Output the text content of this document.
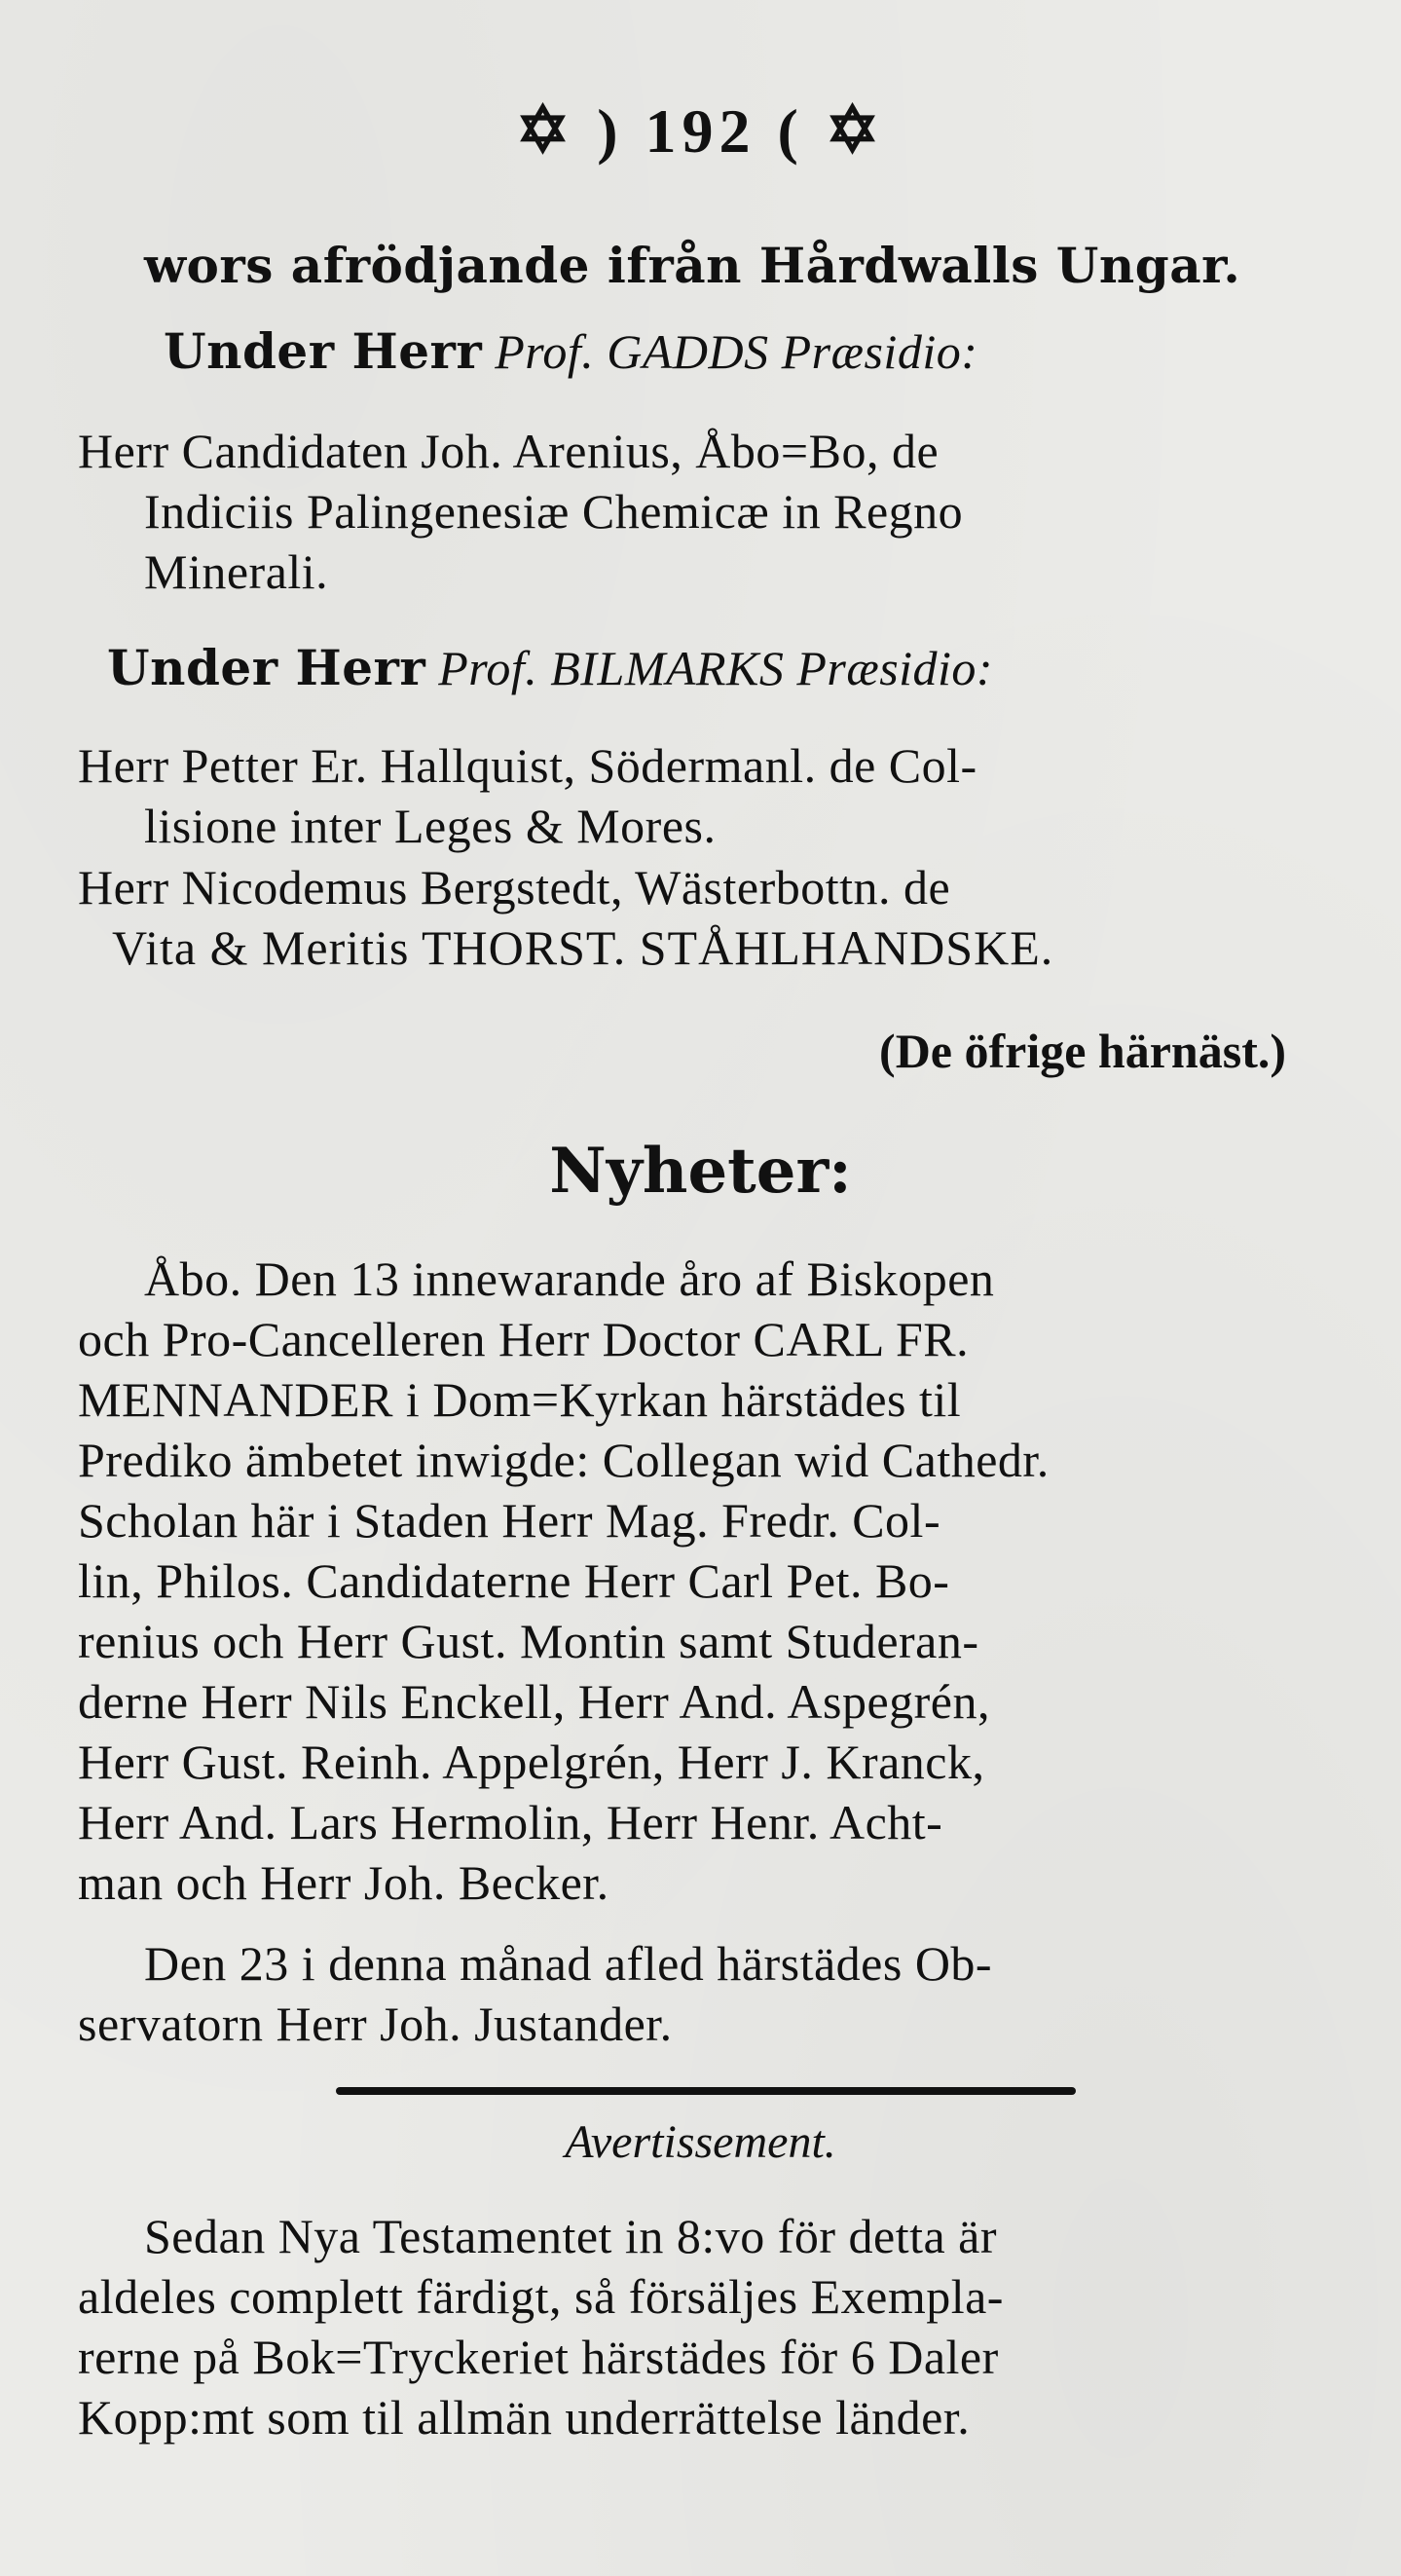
✡ ) 192 ( ✡
wors afrödjande ifrån Hårdwalls Ungar.
Under Herr Prof. GADDS Præsidio:
Herr Candidaten Joh. Arenius, Åbo=Bo, de
Indiciis Palingenesiæ Chemicæ in Regno
Minerali.
Under Herr Prof. BILMARKS Præsidio:
Herr Petter Er. Hallquist, Södermanl. de Col-
lisione inter Leges & Mores.
Herr Nicodemus Bergstedt, Wästerbottn. de
Vita & Meritis THORST. STÅHLHANDSKE.
(De öfrige härnäst.)
Nyheter:
Åbo. Den 13 innewarande åro af Biskopen
och Pro-Cancelleren Herr Doctor CARL FR.
MENNANDER i Dom=Kyrkan härstädes til
Prediko ämbetet inwigde: Collegan wid Cathedr.
Scholan här i Staden Herr Mag. Fredr. Col-
lin, Philos. Candidaterne Herr Carl Pet. Bo-
renius och Herr Gust. Montin samt Studeran-
derne Herr Nils Enckell, Herr And. Aspegrén,
Herr Gust. Reinh. Appelgrén, Herr J. Kranck,
Herr And. Lars Hermolin, Herr Henr. Acht-
man och Herr Joh. Becker.
Den 23 i denna månad afled härstädes Ob-
servatorn Herr Joh. Justander.
Avertissement.
Sedan Nya Testamentet in 8:vo för detta är
aldeles complett färdigt, så försäljes Exempla-
rerne på Bok=Tryckeriet härstädes för 6 Daler
Kopp:mt som til allmän underrättelse länder.
